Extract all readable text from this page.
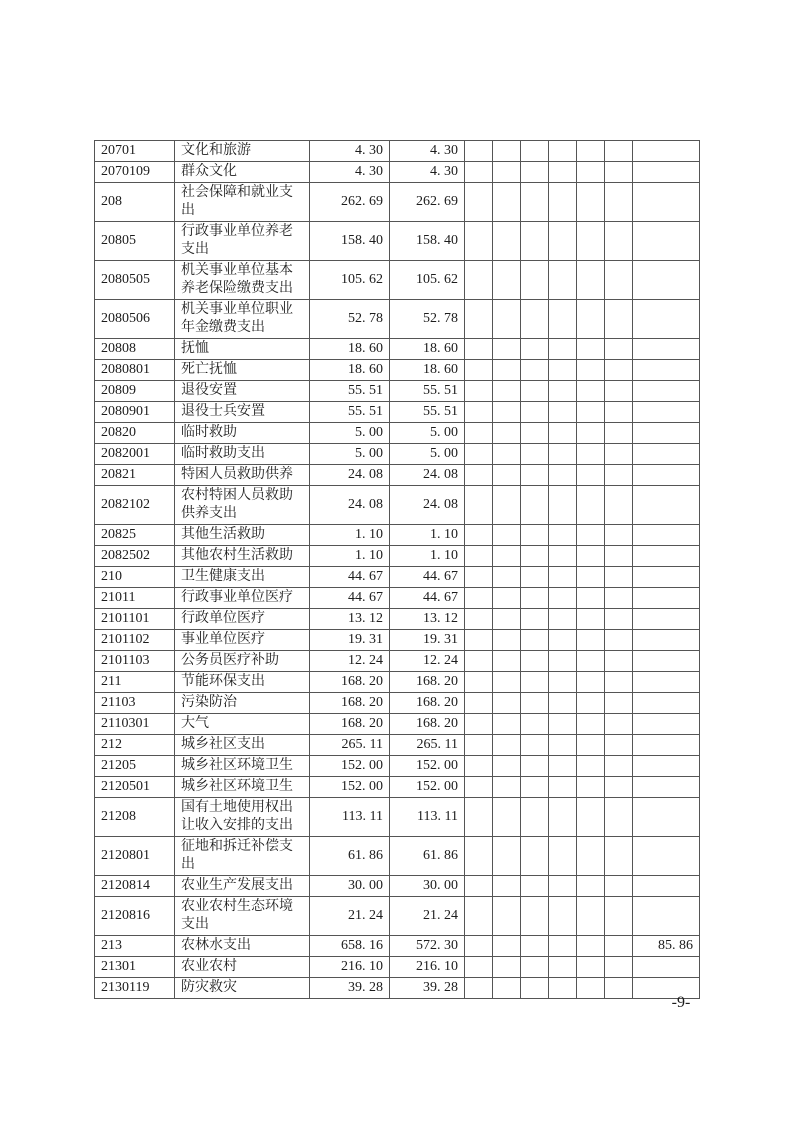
20701	文化和旅游	4. 30	4. 30							
2070109	群众文化	4. 30	4. 30							
208	社会保障和就业支出	262. 69	262. 69							
20805	行政事业单位养老支出	158. 40	158. 40							
2080505	机关事业单位基本养老保险缴费支出	105. 62	105. 62							
2080506	机关事业单位职业年金缴费支出	52. 78	52. 78							
20808	抚恤	18. 60	18. 60							
2080801	死亡抚恤	18. 60	18. 60							
20809	退役安置	55. 51	55. 51							
2080901	退役士兵安置	55. 51	55. 51							
20820	临时救助	5. 00	5. 00							
2082001	临时救助支出	5. 00	5. 00							
20821	特困人员救助供养	24. 08	24. 08							
2082102	农村特困人员救助供养支出	24. 08	24. 08							
20825	其他生活救助	1. 10	1. 10							
2082502	其他农村生活救助	1. 10	1. 10							
210	卫生健康支出	44. 67	44. 67							
21011	行政事业单位医疗	44. 67	44. 67							
2101101	行政单位医疗	13. 12	13. 12							
2101102	事业单位医疗	19. 31	19. 31							
2101103	公务员医疗补助	12. 24	12. 24							
211	节能环保支出	168. 20	168. 20							
21103	污染防治	168. 20	168. 20							
2110301	大气	168. 20	168. 20							
212	城乡社区支出	265. 11	265. 11							
21205	城乡社区环境卫生	152. 00	152. 00							
2120501	城乡社区环境卫生	152. 00	152. 00							
21208	国有土地使用权出让收入安排的支出	113. 11	113. 11							
2120801	征地和拆迁补偿支出	61. 86	61. 86							
2120814	农业生产发展支出	30. 00	30. 00							
2120816	农业农村生态环境支出	21. 24	21. 24							
213	农林水支出	658. 16	572. 30							85. 86
21301	农业农村	216. 10	216. 10							
2130119	防灾救灾	39. 28	39. 28							
-9-
